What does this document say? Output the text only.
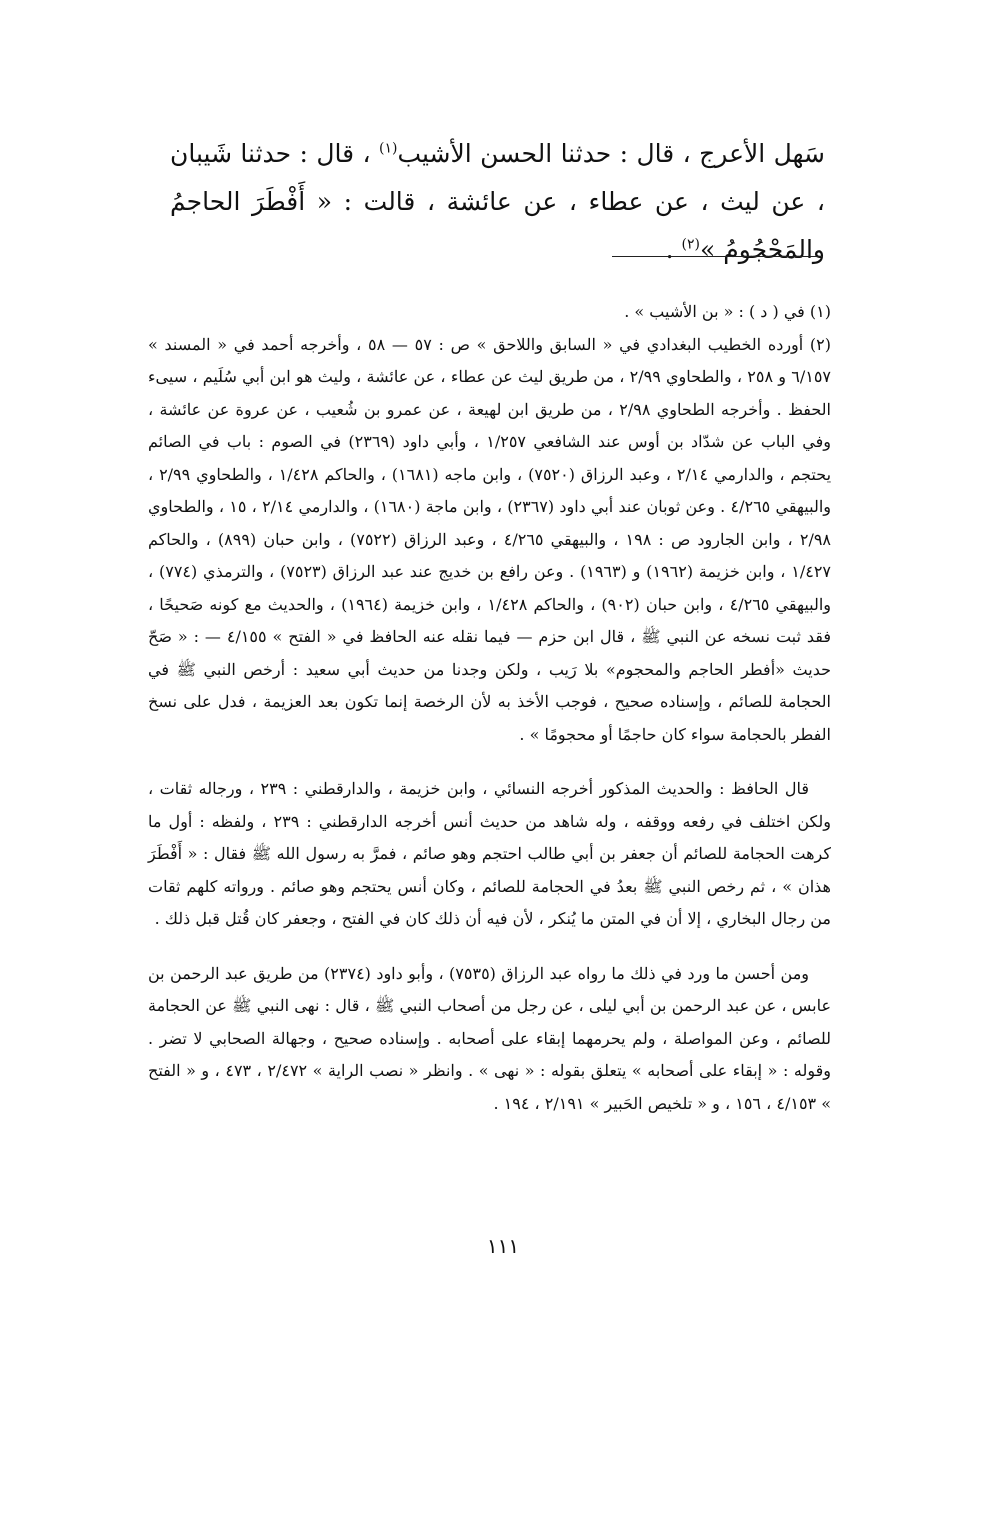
سَهل الأعرج ، قال : حدثنا الحسن الأشيب$^{(١)}$ ، قال : حدثنا شَيبان ، عن ليث ، عن عطاء ، عن عائشة ، قالت : « أَفْطَرَ الحاجمُ والمَحْجُومُ »$^{(٢)}$ .

(١) في ( د ) : « بن الأشيب » .

(٢) أورده الخطيب البغدادي في « السابق واللاحق » ص : ٥٧ — ٥٨ ، وأخرجه أحمد في « المسند » ٦/١٥٧ و ٢٥٨ ، والطحاوي ٢/٩٩ ، من طريق ليث عن عطاء ، عن عائشة ، وليث هو ابن أبي سُلَيم ، سيىء الحفظ . وأخرجه الطحاوي ٢/٩٨ ، من طريق ابن لهيعة ، عن عمرو بن شُعيب ، عن عروة عن عائشة ، وفي الباب عن شدّاد بن أوس عند الشافعي ١/٢٥٧ ، وأبي داود (٢٣٦٩) في الصوم : باب في الصائم يحتجم ، والدارمي ٢/١٤ ، وعبد الرزاق (٧٥٢٠) ، وابن ماجه (١٦٨١) ، والحاكم ١/٤٢٨ ، والطحاوي ٢/٩٩ ، والبيهقي ٤/٢٦٥ . وعن ثوبان عند أبي داود (٢٣٦٧) ، وابن ماجة (١٦٨٠) ، والدارمي ٢/١٤ ، ١٥ ، والطحاوي ٢/٩٨ ، وابن الجارود ص : ١٩٨ ، والبيهقي ٤/٢٦٥ ، وعبد الرزاق (٧٥٢٢) ، وابن حبان (٨٩٩) ، والحاكم ١/٤٢٧ ، وابن خزيمة (١٩٦٢) و (١٩٦٣) . وعن رافع بن خديج عند عبد الرزاق (٧٥٢٣) ، والترمذي (٧٧٤) ، والبيهقي ٤/٢٦٥ ، وابن حبان (٩٠٢) ، والحاكم ١/٤٢٨ ، وابن خزيمة (١٩٦٤) ، والحديث مع كونه صَحيحًا ، فقد ثبت نسخه عن النبي ﷺ ، قال ابن حزم — فيما نقله عنه الحافظ في « الفتح » ٤/١٥٥ — : « صَحّ حديث «أفطر الحاجم والمحجوم» بلا رَيب ، ولكن وجدنا من حديث أبي سعيد : أرخص النبي ﷺ في الحجامة للصائم ، وإسناده صحيح ، فوجب الأخذ به لأن الرخصة إنما تكون بعد العزيمة ، فدل على نسخ الفطر بالحجامة سواء كان حاجمًا أو محجومًا » .

قال الحافظ : والحديث المذكور أخرجه النسائي ، وابن خزيمة ، والدارقطني : ٢٣٩ ، ورجاله ثقات ، ولكن اختلف في رفعه ووقفه ، وله شاهد من حديث أنس أخرجه الدارقطني : ٢٣٩ ، ولفظه : أول ما كرهت الحجامة للصائم أن جعفر بن أبي طالب احتجم وهو صائم ، فمرَّ به رسول الله ﷺ فقال : « أَفْطَرَ هذان » ، ثم رخص النبي ﷺ بعدُ في الحجامة للصائم ، وكان أنس يحتجم وهو صائم . ورواته كلهم ثقات من رجال البخاري ، إلا أن في المتن ما يُنكر ، لأن فيه أن ذلك كان في الفتح ، وجعفر كان قُتل قبل ذلك .

ومن أحسن ما ورد في ذلك ما رواه عبد الرزاق (٧٥٣٥) ، وأبو داود (٢٣٧٤) من طريق عبد الرحمن بن عابس ، عن عبد الرحمن بن أبي ليلى ، عن رجل من أصحاب النبي ﷺ ، قال : نهى النبي ﷺ عن الحجامة للصائم ، وعن المواصلة ، ولم يحرمهما إبقاء على أصحابه . وإسناده صحيح ، وجهالة الصحابي لا تضر . وقوله : « إبقاء على أصحابه » يتعلق بقوله : « نهى » . وانظر « نصب الراية » ٢/٤٧٢ ، ٤٧٣ ، و « الفتح » ٤/١٥٣ ، ١٥٦ ، و « تلخيص الحَبير » ٢/١٩١ ، ١٩٤ .

١١١
